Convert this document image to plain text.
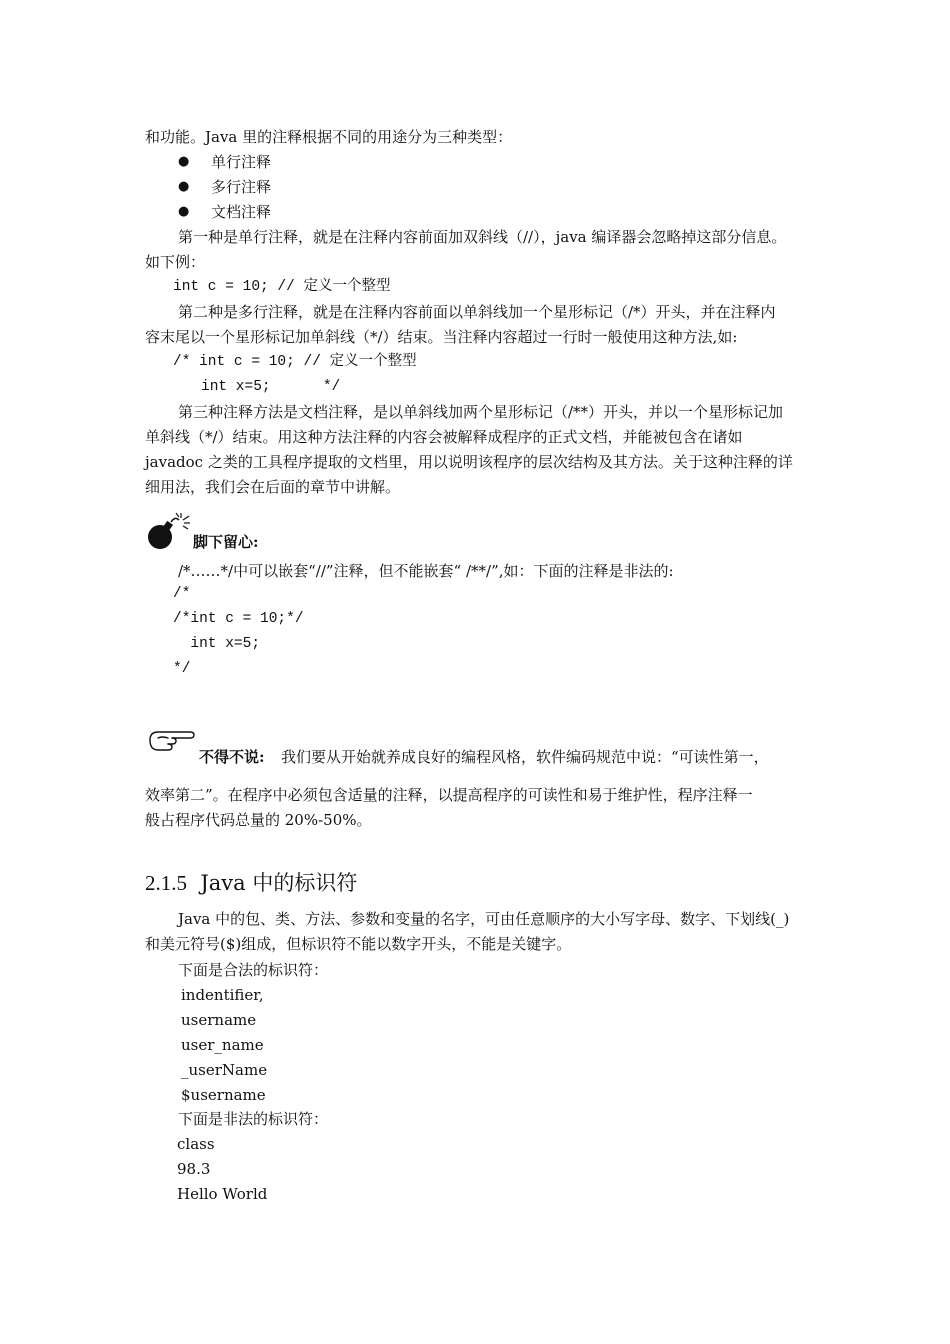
和功能。Java 里的注释根据不同的用途分为三种类型：
● 单行注释
● 多行注释
● 文档注释
第一种是单行注释，就是在注释内容前面加双斜线（//），java 编译器会忽略掉这部分信息。
如下例：
int c = 10; // 定义一个整型
第二种是多行注释，就是在注释内容前面以单斜线加一个星形标记（/*）开头，并在注释内
容末尾以一个星形标记加单斜线（*/）结束。当注释内容超过一行时一般使用这种方法,如:
/* int c = 10; // 定义一个整型
int x=5;      */
第三种注释方法是文档注释，是以单斜线加两个星形标记（/**）开头，并以一个星形标记加
单斜线（*/）结束。用这种方法注释的内容会被解释成程序的正式文档，并能被包含在诸如
javadoc 之类的工具程序提取的文档里，用以说明该程序的层次结构及其方法。关于这种注释的详
细用法，我们会在后面的章节中讲解。
脚下留心:
/*……*/中可以嵌套“//”注释，但不能嵌套“ /**/”,如：下面的注释是非法的:
/*
/*int c = 10;*/
int x=5;
*/
不得不说: 我们要从开始就养成良好的编程风格，软件编码规范中说：“可读性第一，
效率第二”。在程序中必须包含适量的注释，以提高程序的可读性和易于维护性，程序注释一
般占程序代码总量的 20%-50%。
2.1.5 Java 中的标识符
Java 中的包、类、方法、参数和变量的名字，可由任意顺序的大小写字母、数字、下划线(_)
和美元符号($)组成，但标识符不能以数字开头，不能是关键字。
下面是合法的标识符：
indentifier,
username
user_name
_userName
$username
下面是非法的标识符：
class
98.3
Hello World
